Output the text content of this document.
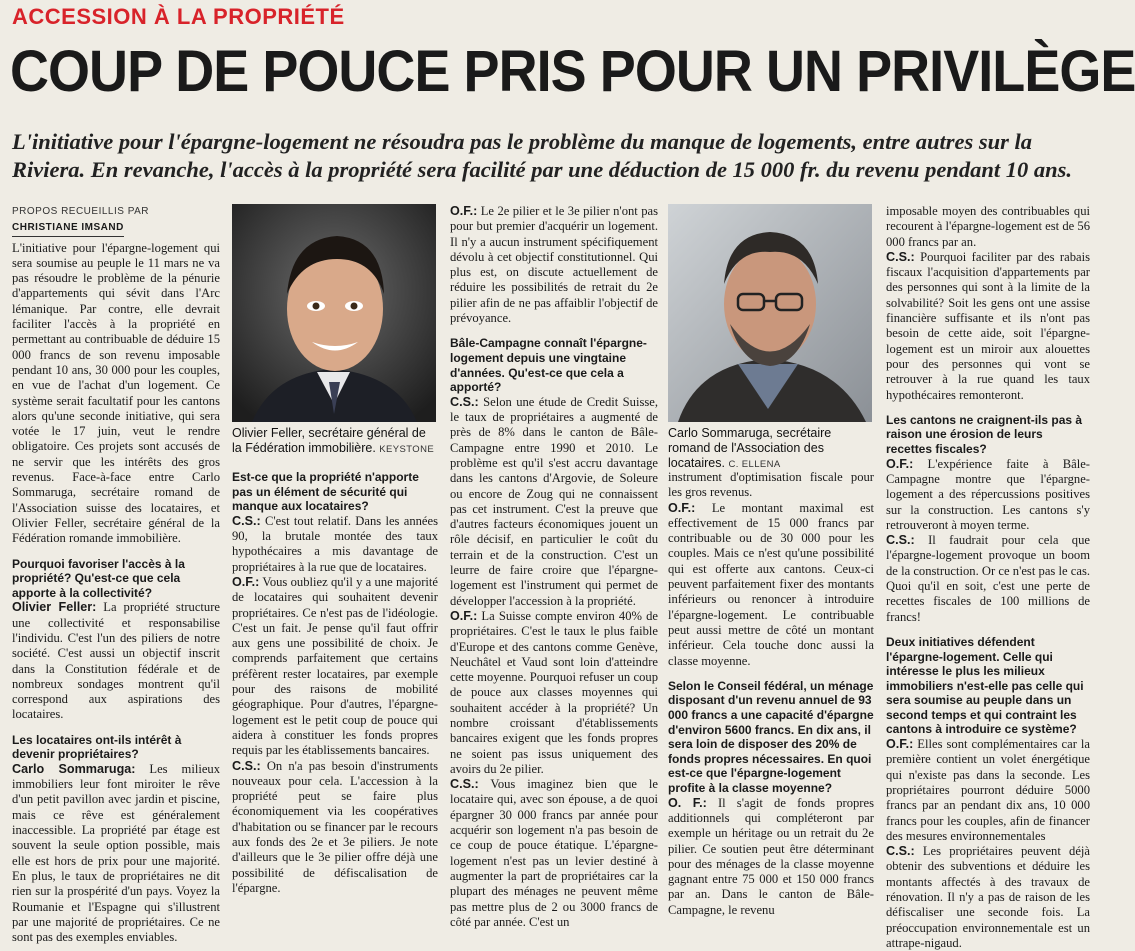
ACCESSION À LA PROPRIÉTÉ
COUP DE POUCE PRIS POUR UN PRIVILÈGE
L'initiative pour l'épargne-logement ne résoudra pas le problème du manque de logements, entre autres sur la Riviera. En revanche, l'accès à la propriété sera facilité par une déduction de 15 000 fr. du revenu pendant 10 ans.
PROPOS RECUEILLIS PAR
CHRISTIANE IMSAND

L'initiative pour l'épargne-logement qui sera soumise au peuple le 11 mars ne va pas résoudre le problème de la pénurie d'appartements qui sévit dans l'Arc lémanique. Par contre, elle devrait faciliter l'accès à la propriété en permettant au contribuable de déduire 15 000 francs de son revenu imposable pendant 10 ans, 30 000 pour les couples, en vue de l'achat d'un logement. Ce système serait facultatif pour les cantons alors qu'une seconde initiative, qui sera votée le 17 juin, veut le rendre obligatoire. Ces projets sont accusés de ne servir que les intérêts des gros revenus. Face-à-face entre Carlo Sommaruga, secrétaire romand de l'Association suisse des locataires, et Olivier Feller, secrétaire général de la Fédération romande immobilière.

Pourquoi favoriser l'accès à la propriété? Qu'est-ce que cela apporte à la collectivité?

Olivier Feller: La propriété structure une collectivité et responsabilise l'individu. C'est l'un des piliers de notre société. C'est aussi un objectif inscrit dans la Constitution fédérale et de nombreux sondages montrent qu'il correspond aux aspirations des locataires.

Les locataires ont-ils intérêt à devenir propriétaires?

Carlo Sommaruga: Les milieux immobiliers leur font miroiter le rêve d'un petit pavillon avec jardin et piscine, mais ce rêve est généralement inaccessible. La propriété par étage est souvent la seule option possible, mais elle est hors de prix pour une majorité. En plus, le taux de propriétaires ne dit rien sur la prospérité d'un pays. Voyez la Roumanie et l'Espagne qui s'illustrent par une majorité de propriétaires. Ce ne sont pas des exemples enviables.

Olivier Feller, secrétaire général de la Fédération immobilière. KEYSTONE

Est-ce que la propriété n'apporte pas un élément de sécurité qui manque aux locataires?

C.S.: C'est tout relatif. Dans les années 90, la brutale montée des taux hypothécaires a mis davantage de propriétaires à la rue que de locataires.

O.F.: Vous oubliez qu'il y a une majorité de locataires qui souhaitent devenir propriétaires. Ce n'est pas de l'idéologie. C'est un fait. Je pense qu'il faut offrir aux gens une possibilité de choix. Je comprends parfaitement que certains préfèrent rester locataires, par exemple pour des raisons de mobilité géographique. Pour d'autres, l'épargne-logement est le petit coup de pouce qui aidera à constituer les fonds propres requis par les établissements bancaires.

C.S.: On n'a pas besoin d'instruments nouveaux pour cela. L'accession à la propriété peut se faire plus économiquement via les coopératives d'habitation ou se financer par le recours aux fonds des 2e et 3e piliers. Je note d'ailleurs que le 3e pilier offre déjà une possibilité de défiscalisation de l'épargne.

O.F.: Le 2e pilier et le 3e pilier n'ont pas pour but premier d'acquérir un logement. Il n'y a aucun instrument spécifiquement dévolu à cet objectif constitutionnel. Qui plus est, on discute actuellement de réduire les possibilités de retrait du 2e pilier afin de ne pas affaiblir l'objectif de prévoyance.

Bâle-Campagne connaît l'épargne-logement depuis une vingtaine d'années. Qu'est-ce que cela a apporté?

C.S.: Selon une étude de Credit Suisse, le taux de propriétaires a augmenté de près de 8% dans le canton de Bâle-Campagne entre 1990 et 2010. Le problème est qu'il s'est accru davantage dans les cantons d'Argovie, de Soleure ou encore de Zoug qui ne connaissent pas cet instrument. C'est la preuve que d'autres facteurs économiques jouent un rôle décisif, en particulier le coût du terrain et de la construction. C'est un leurre de faire croire que l'épargne-logement est l'instrument qui permet de développer l'accession à la propriété.

O.F.: La Suisse compte environ 40% de propriétaires. C'est le taux le plus faible d'Europe et des cantons comme Genève, Neuchâtel et Vaud sont loin d'atteindre cette moyenne. Pourquoi refuser un coup de pouce aux classes moyennes qui souhaitent accéder à la propriété? Un nombre croissant d'établissements bancaires exigent que les fonds propres ne soient pas issus uniquement des avoirs du 2e pilier.

C.S.: Vous imaginez bien que le locataire qui, avec son épouse, a de quoi épargner 30 000 francs par année pour acquérir son logement n'a pas besoin de ce coup de pouce étatique. L'épargne-logement n'est pas un levier destiné à augmenter la part de propriétaires car la plupart des ménages ne peuvent même pas mettre plus de 2 ou 3000 francs de côté par année. C'est un

Carlo Sommaruga, secrétaire romand de l'Association des locataires. C. ELLENA

instrument d'optimisation fiscale pour les gros revenus.

O.F.: Le montant maximal est effectivement de 15 000 francs par contribuable ou de 30 000 pour les couples. Mais ce n'est qu'une possibilité qui est offerte aux cantons. Ceux-ci peuvent parfaitement fixer des montants inférieurs ou renoncer à introduire l'épargne-logement. Le contribuable peut aussi mettre de côté un montant inférieur. Cela touche donc aussi la classe moyenne.

Selon le Conseil fédéral, un ménage disposant d'un revenu annuel de 93 000 francs a une capacité d'épargne d'environ 5600 francs. En dix ans, il sera loin de disposer des 20% de fonds propres nécessaires. En quoi est-ce que l'épargne-logement profite à la classe moyenne?

O. F.: Il s'agit de fonds propres additionnels qui compléteront par exemple un héritage ou un retrait du 2e pilier. Ce soutien peut être déterminant pour des ménages de la classe moyenne gagnant entre 75 000 et 150 000 francs par an. Dans le canton de Bâle-Campagne, le revenu

imposable moyen des contribuables qui recourent à l'épargne-logement est de 56 000 francs par an.

C.S.: Pourquoi faciliter par des rabais fiscaux l'acquisition d'appartements par des personnes qui sont à la limite de la solvabilité? Soit les gens ont une assise financière suffisante et ils n'ont pas besoin de cette aide, soit l'épargne-logement est un miroir aux alouettes pour des personnes qui vont se retrouver à la rue quand les taux hypothécaires remonteront.

Les cantons ne craignent-ils pas à raison une érosion de leurs recettes fiscales?

O.F.: L'expérience faite à Bâle-Campagne montre que l'épargne-logement a des répercussions positives sur la construction. Les cantons s'y retrouveront à moyen terme.

C.S.: Il faudrait pour cela que l'épargne-logement provoque un boom de la construction. Or ce n'est pas le cas. Quoi qu'il en soit, c'est une perte de recettes fiscales de 100 millions de francs!

Deux initiatives défendent l'épargne-logement. Celle qui intéresse le plus les milieux immobiliers n'est-elle pas celle qui sera soumise au peuple dans un second temps et qui contraint les cantons à introduire ce système?

O.F.: Elles sont complémentaires car la première contient un volet énergétique qui n'existe pas dans la seconde. Les propriétaires pourront déduire 5000 francs par an pendant dix ans, 10 000 francs pour les couples, afin de financer des mesures environnementales

C.S.: Les propriétaires peuvent déjà obtenir des subventions et déduire les montants affectés à des travaux de rénovation. Il n'y a pas de raison de les défiscaliser une seconde fois. La préoccupation environnementale est un attrape-nigaud.
